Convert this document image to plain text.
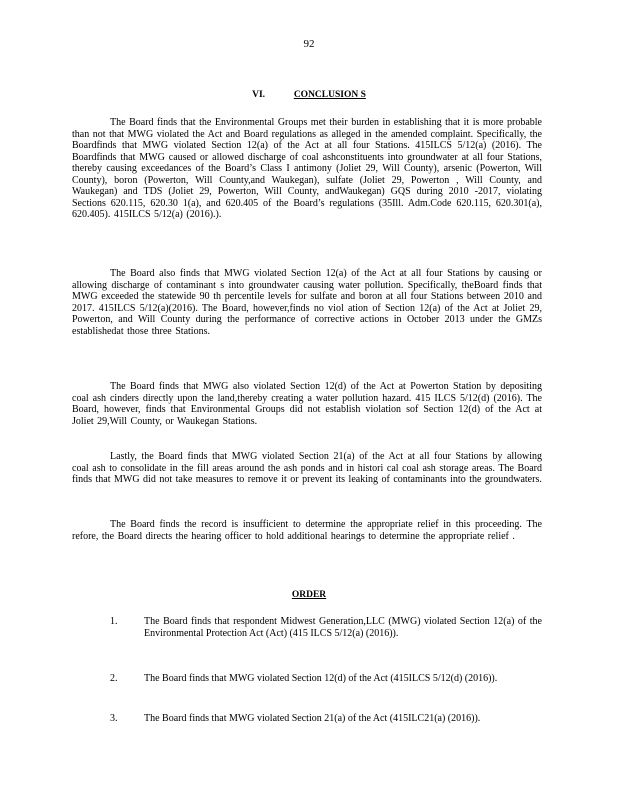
92
VI.	CONCLUSION S
The Board finds that the Environmental Groups met their burden in establishing that it is more probable than not that MWG violated the Act and Board regulations as alleged in the amended complaint. Specifically, the Boardfinds that MWG violated Section 12(a) of the Act at all four Stations. 415ILCS 5/12(a) (2016). The Boardfinds that MWG caused or allowed discharge of coal ashconstituents into groundwater at all four Stations, thereby causing exceedances of the Board’s Class I antimony (Joliet 29, Will County), arsenic (Powerton, Will County), boron (Powerton, Will County,and Waukegan), sulfate (Joliet 29, Powerton , Will County, and Waukegan) and TDS (Joliet 29, Powerton, Will County, andWaukegan) GQS during 2010 -2017, violating Sections 620.115, 620.30 1(a), and 620.405 of the Board’s regulations (35Ill. Adm.Code 620.115, 620.301(a), 620.405). 415ILCS 5/12(a) (2016).).
The Board also finds that MWG violated Section 12(a) of the Act at all four Stations by causing or allowing discharge of contaminant s into groundwater causing water pollution. Specifically, theBoard finds that MWG exceeded the statewide 90 th percentile levels for sulfate and boron at all four Stations between 2010 and 2017. 415ILCS 5/12(a)(2016). The Board, however,finds no viol ation of Section 12(a) of the Act at Joliet 29, Powerton, and Will County during the performance of corrective actions in October 2013 under the GMZs establishedat those three Stations.
The Board finds that MWG also violated Section 12(d) of the Act at Powerton Station by depositing coal ash cinders directly upon the land,thereby creating a water pollution hazard. 415 ILCS 5/12(d) (2016). The Board, however, finds that Environmental Groups did not establish violation sof Section 12(d) of the Act at Joliet 29,Will County, or Waukegan Stations.
Lastly, the Board finds that MWG violated Section 21(a) of the Act at all four Stations by allowing coal ash to consolidate in the fill areas around the ash ponds and in histori cal coal ash storage areas. The Board finds that MWG did not take measures to remove it or prevent its leaking of contaminants into the groundwaters.
The Board finds the record is insufficient to determine the appropriate relief in this proceeding. The refore, the Board directs the hearing officer to hold additional hearings to determine the appropriate relief .
ORDER
1.	The Board finds that respondent Midwest Generation,LLC (MWG) violated Section 12(a) of the Environmental Protection Act (Act) (415 ILCS 5/12(a) (2016)).
2.	The Board finds that MWG violated Section 12(d) of the Act (415ILCS 5/12(d) (2016)).
3.	The Board finds that MWG violated Section 21(a) of the Act (415ILC21(a) (2016)).
